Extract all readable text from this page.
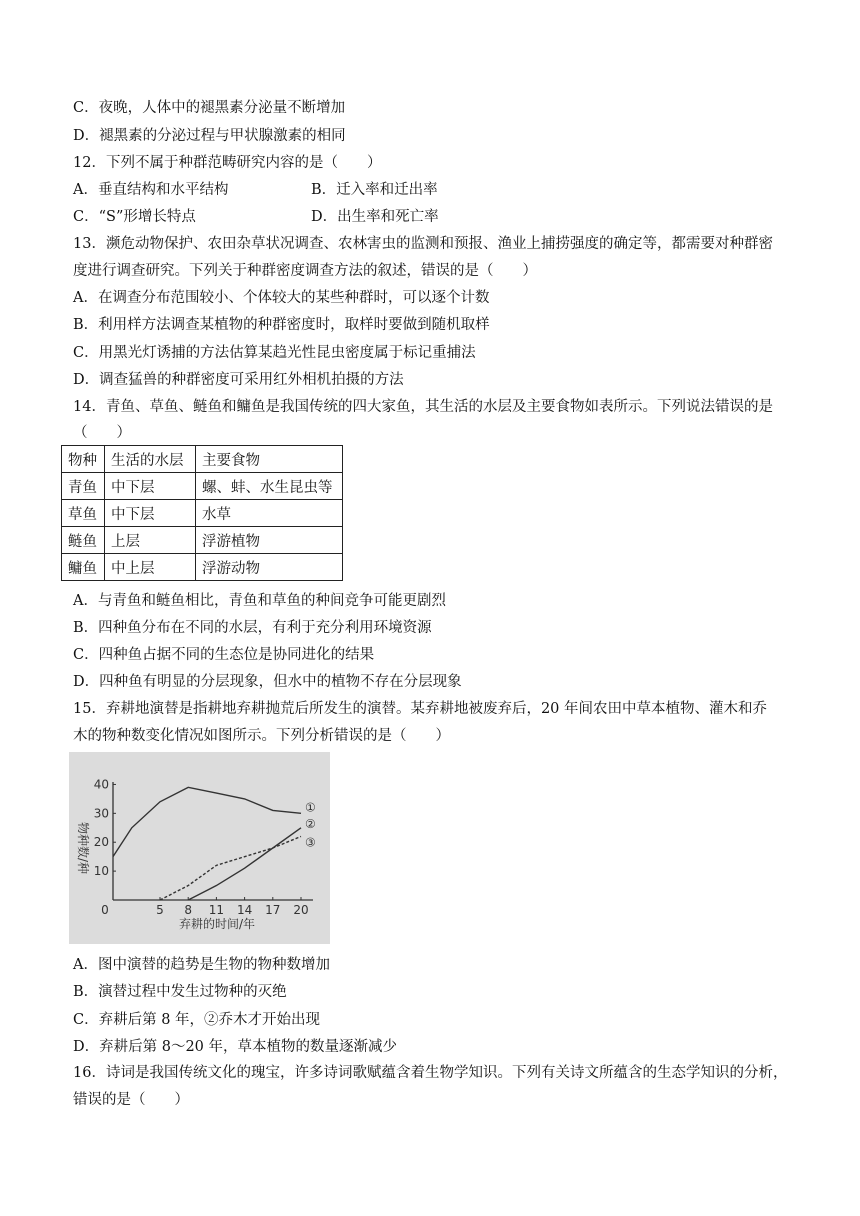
C．夜晚，人体中的褪黑素分泌量不断增加
D．褪黑素的分泌过程与甲状腺激素的相同
12．下列不属于种群范畴研究内容的是（　　）
A．垂直结构和水平结构	B．迁入率和迁出率
C．“S”形增长特点	D．出生率和死亡率
13．濒危动物保护、农田杂草状况调查、农林害虫的监测和预报、渔业上捕捞强度的确定等，都需要对种群密
度进行调查研究。下列关于种群密度调查方法的叙述，错误的是（　　）
A．在调查分布范围较小、个体较大的某些种群时，可以逐个计数
B．利用样方法调查某植物的种群密度时，取样时要做到随机取样
C．用黑光灯诱捕的方法估算某趋光性昆虫密度属于标记重捕法
D．调查猛兽的种群密度可采用红外相机拍摄的方法
14．青鱼、草鱼、鲢鱼和鳙鱼是我国传统的四大家鱼，其生活的水层及主要食物如表所示。下列说法错误的是
（　　）
物种	生活的水层	主要食物
青鱼	中下层	螺、蚌、水生昆虫等
草鱼	中下层	水草
鲢鱼	上层	浮游植物
鳙鱼	中上层	浮游动物
A．与青鱼和鲢鱼相比，青鱼和草鱼的种间竞争可能更剧烈
B．四种鱼分布在不同的水层，有利于充分利用环境资源
C．四种鱼占据不同的生态位是协同进化的结果
D．四种鱼有明显的分层现象，但水中的植物不存在分层现象
15．弃耕地演替是指耕地弃耕抛荒后所发生的演替。某弃耕地被废弃后，20 年间农田中草本植物、灌木和乔
木的物种数变化情况如图所示。下列分析错误的是（　　）
物种数/种
弃耕的时间/年
10
20
30
40
0	5 8 11 14 17 20
①
②
③
A．图中演替的趋势是生物的物种数增加
B．演替过程中发生过物种的灭绝
C．弃耕后第 8 年，②乔木才开始出现
D．弃耕后第 8～20 年，草本植物的数量逐渐减少
16．诗词是我国传统文化的瑰宝，许多诗词歌赋蕴含着生物学知识。下列有关诗文所蕴含的生态学知识的分析，
错误的是（　　）
